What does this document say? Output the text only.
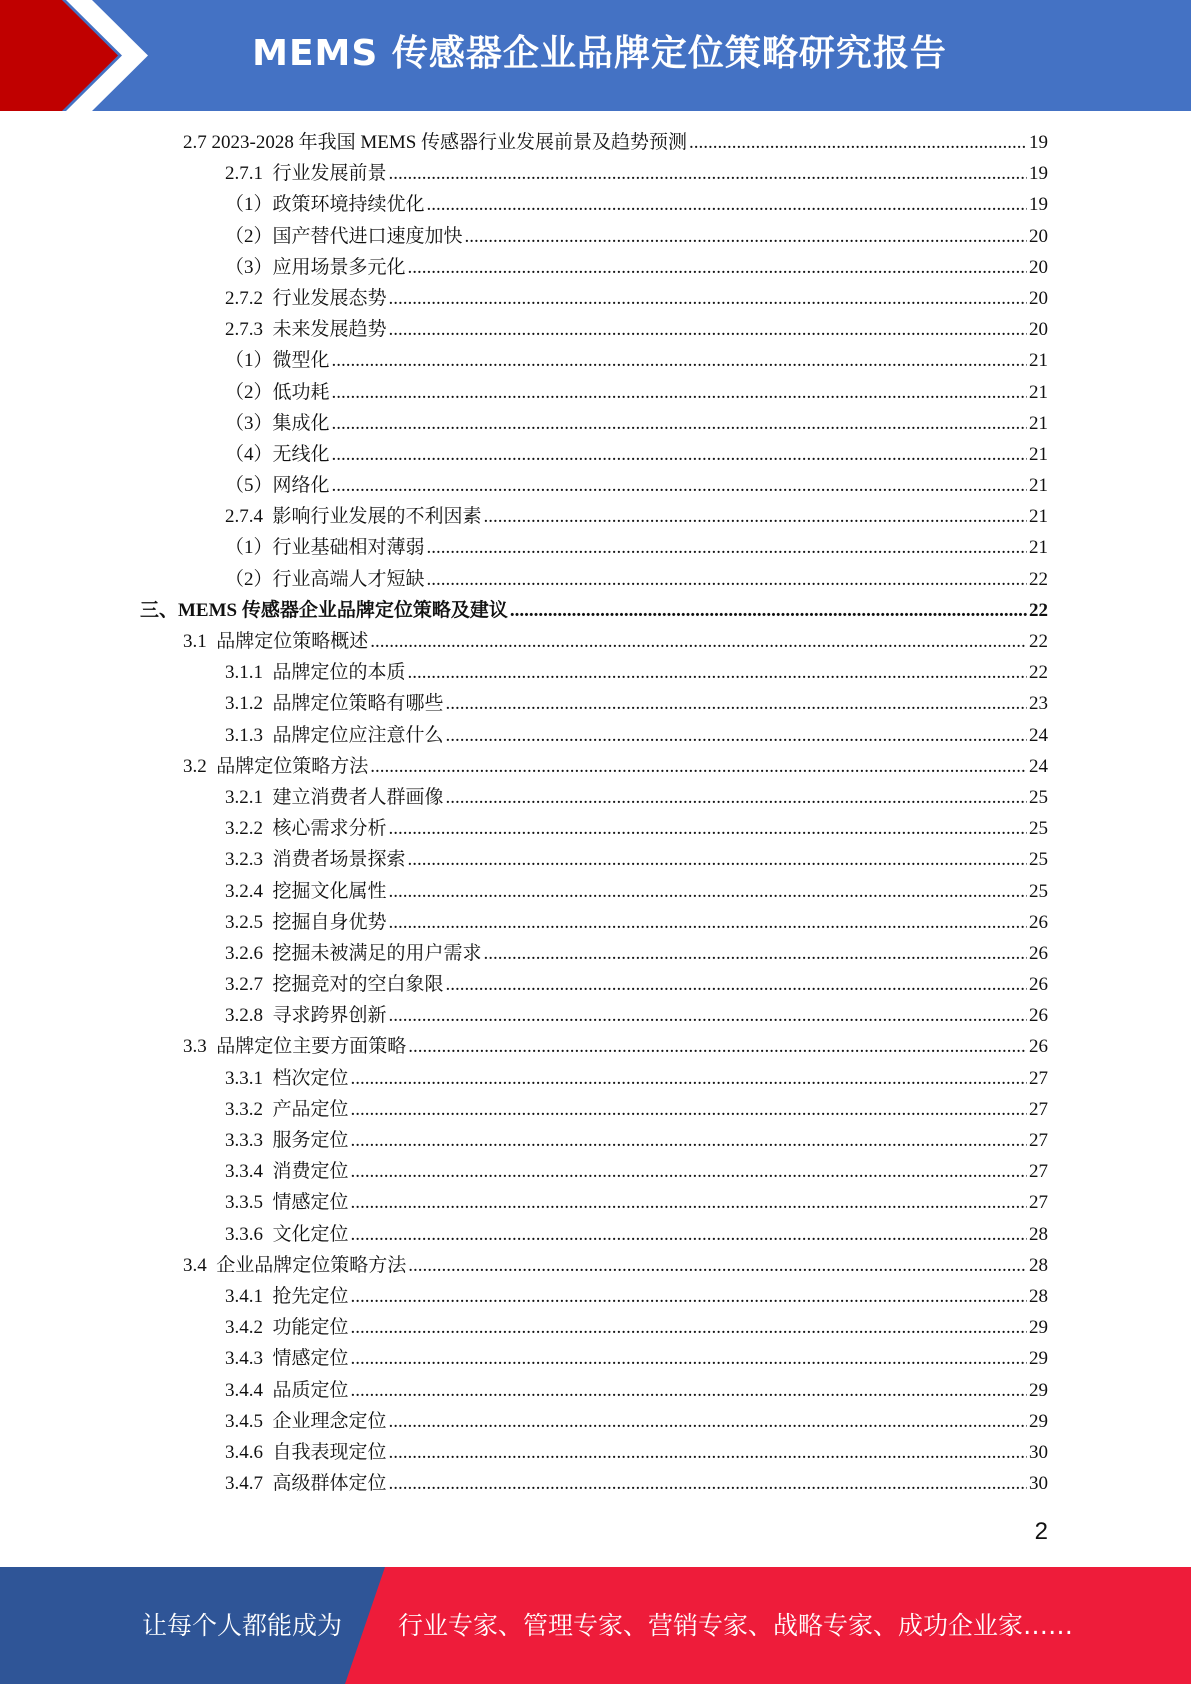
MEMS 传感器企业品牌定位策略研究报告
2.7 2023-2028 年我国 MEMS 传感器行业发展前景及趋势预测 .....	19
2.7.1  行业发展前景 .....	19
（1）政策环境持续优化 .....	19
（2）国产替代进口速度加快 .....	20
（3）应用场景多元化 .....	20
2.7.2  行业发展态势 .....	20
2.7.3  未来发展趋势 .....	20
（1）微型化 .....	21
（2）低功耗 .....	21
（3）集成化 .....	21
（4）无线化 .....	21
（5）网络化 .....	21
2.7.4  影响行业发展的不利因素 .....	21
（1）行业基础相对薄弱 .....	21
（2）行业高端人才短缺 .....	22
三、MEMS 传感器企业品牌定位策略及建议 .....	22
3.1  品牌定位策略概述 .....	22
3.1.1  品牌定位的本质 .....	22
3.1.2  品牌定位策略有哪些 .....	23
3.1.3  品牌定位应注意什么 .....	24
3.2  品牌定位策略方法 .....	24
3.2.1  建立消费者人群画像 .....	25
3.2.2  核心需求分析 .....	25
3.2.3  消费者场景探索 .....	25
3.2.4  挖掘文化属性 .....	25
3.2.5  挖掘自身优势 .....	26
3.2.6  挖掘未被满足的用户需求 .....	26
3.2.7  挖掘竞对的空白象限 .....	26
3.2.8  寻求跨界创新 .....	26
3.3  品牌定位主要方面策略 .....	26
3.3.1  档次定位 .....	27
3.3.2  产品定位 .....	27
3.3.3  服务定位 .....	27
3.3.4  消费定位 .....	27
3.3.5  情感定位 .....	27
3.3.6  文化定位 .....	28
3.4  企业品牌定位策略方法 .....	28
3.4.1  抢先定位 .....	28
3.4.2  功能定位 .....	29
3.4.3  情感定位 .....	29
3.4.4  品质定位 .....	29
3.4.5  企业理念定位 .....	29
3.4.6  自我表现定位 .....	30
3.4.7  高级群体定位 .....	30
2
让每个人都能成为 行业专家、管理专家、营销专家、战略专家、成功企业家……
